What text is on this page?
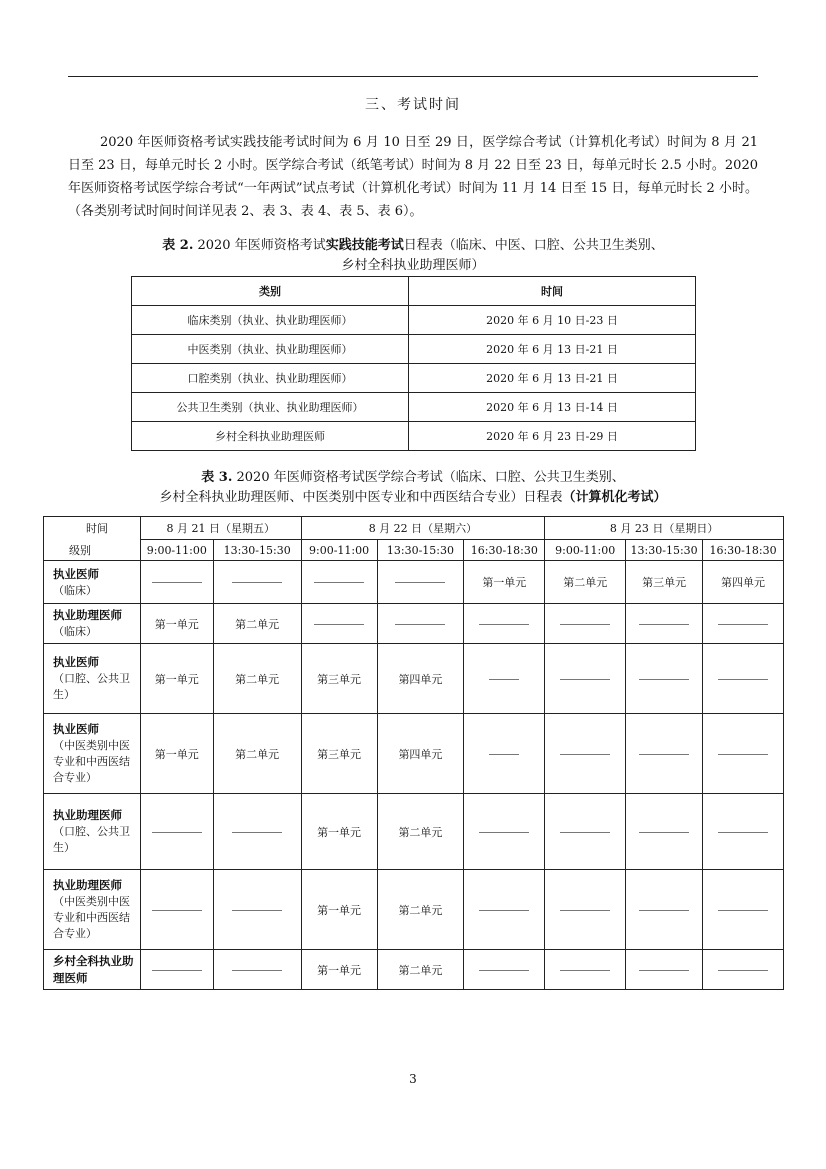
三、考试时间

2020 年医师资格考试实践技能考试时间为 6 月 10 日至 29 日，医学综合考试（计算机化考试）时间为 8 月 21 日至 23 日，每单元时长 2 小时。医学综合考试（纸笔考试）时间为 8 月 22 日至 23 日，每单元时长 2.5 小时。2020 年医师资格考试医学综合考试“一年两试”试点考试（计算机化考试）时间为 11 月 14 日至 15 日，每单元时长 2 小时。（各类别考试时间时间详见表 2、表 3、表 4、表 5、表 6）。

表 2. 2020 年医师资格考试实践技能考试日程表（临床、中医、口腔、公共卫生类别、
乡村全科执业助理医师）
类别	时间
临床类别（执业、执业助理医师）	2020 年 6 月 10 日-23 日
中医类别（执业、执业助理医师）	2020 年 6 月 13 日-21 日
口腔类别（执业、执业助理医师）	2020 年 6 月 13 日-21 日
公共卫生类别（执业、执业助理医师）	2020 年 6 月 13 日-14 日
乡村全科执业助理医师	2020 年 6 月 23 日-29 日
表 3. 2020 年医师资格考试医学综合考试（临床、口腔、公共卫生类别、
乡村全科执业助理医师、中医类别中医专业和中西医结合专业）日程表（计算机化考试）
时间	8 月 21 日（星期五）		8 月 22 日（星期六）			8 月 23 日（星期日）		
级别	9:00-11:00	13:30-15:30	9:00-11:00	13:30-15:30	16:30-18:30	9:00-11:00	13:30-15:30	16:30-18:30
执业医师
（临床）					第一单元	第二单元	第三单元	第四单元
执业助理医师
（临床）	第一单元	第二单元						
执业医师
（口腔、公共卫生）	第一单元	第二单元	第三单元	第四单元				
执业医师
（中医类别中医专业和中西医结合专业）	第一单元	第二单元	第三单元	第四单元				
执业助理医师
（口腔、公共卫生）			第一单元	第二单元				
执业助理医师
（中医类别中医专业和中西医结合专业）			第一单元	第二单元				
乡村全科执业助理医师			第一单元	第二单元				
3
